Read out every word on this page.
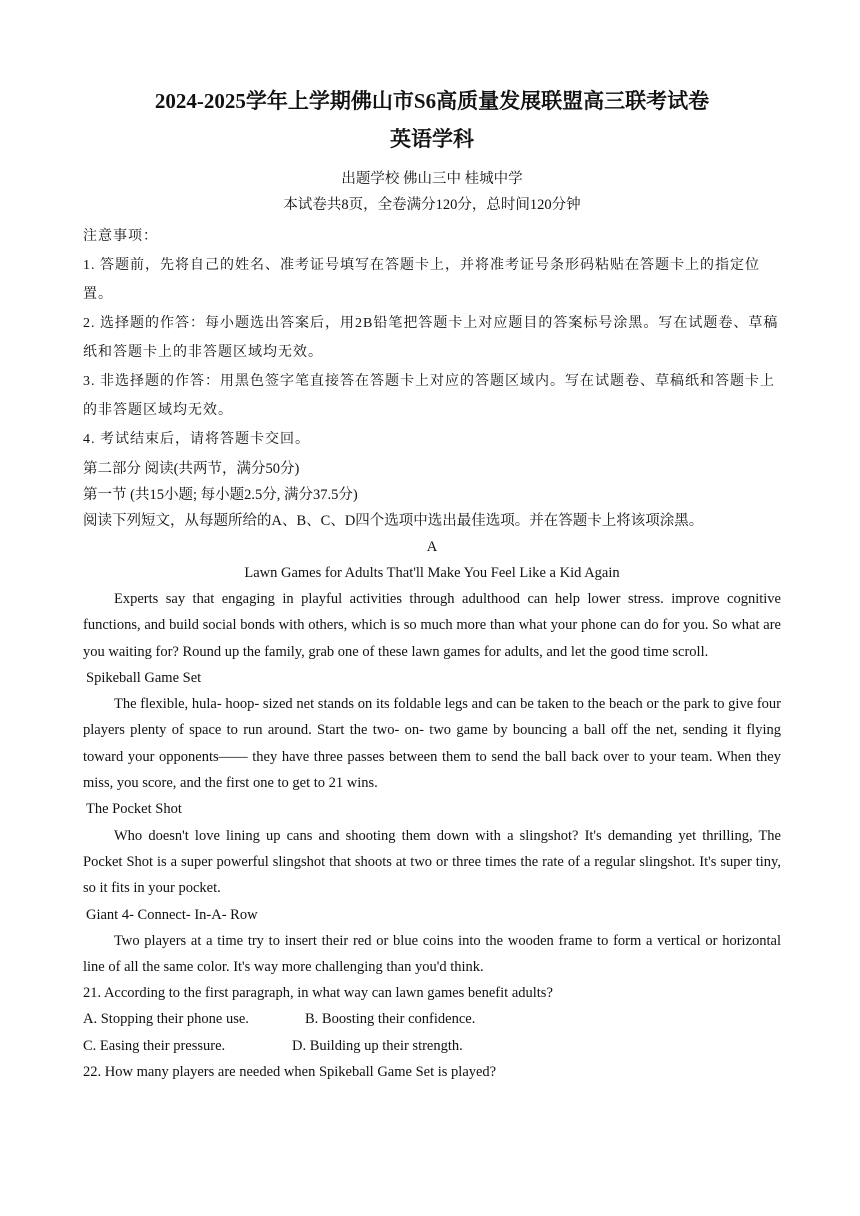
2024-2025学年上学期佛山市S6高质量发展联盟高三联考试卷

英语学科

出题学校 佛山三中 桂城中学

本试卷共8页，全卷满分120分，总时间120分钟

注意事项：

1. 答题前，先将自己的姓名、准考证号填写在答题卡上，并将准考证号条形码粘贴在答题卡上的指定位置。

2. 选择题的作答：每小题选出答案后，用2B铅笔把答题卡上对应题目的答案标号涂黑。写在试题卷、草稿纸和答题卡上的非答题区域均无效。

3. 非选择题的作答：用黑色签字笔直接答在答题卡上对应的答题区域内。写在试题卷、草稿纸和答题卡上的非答题区域均无效。

4. 考试结束后，请将答题卡交回。

第二部分 阅读(共两节，满分50分)

第一节 (共15小题; 每小题2.5分, 满分37.5分)

阅读下列短文，从每题所给的A、B、C、D四个选项中选出最佳选项。并在答题卡上将该项涂黑。

A

Lawn Games for Adults That'll Make You Feel Like a Kid Again

Experts say that engaging in playful activities through adulthood can help lower stress. improve cognitive functions, and build social bonds with others, which is so much more than what your phone can do for you. So what are you waiting for? Round up the family, grab one of these lawn games for adults, and let the good time scroll.

Spikeball Game Set

The flexible, hula- hoop- sized net stands on its foldable legs and can be taken to the beach or the park to give four players plenty of space to run around. Start the two- on- two game by bouncing a ball off the net, sending it flying toward your opponents—— they have three passes between them to send the ball back over to your team. When they miss, you score, and the first one to get to 21 wins.

The Pocket Shot

Who doesn't love lining up cans and shooting them down with a slingshot? It's demanding yet thrilling, The Pocket Shot is a super powerful slingshot that shoots at two or three times the rate of a regular slingshot. It's super tiny, so it fits in your pocket.

Giant 4- Connect- In-A- Row

Two players at a time try to insert their red or blue coins into the wooden frame to form a vertical or horizontal line of all the same color. It's way more challenging than you'd think.

21. According to the first paragraph, in what way can lawn games benefit adults?

A. Stopping their phone use.	B. Boosting their confidence.
C. Easing their pressure.	D. Building up their strength.

22. How many players are needed when Spikeball Game Set is played?
